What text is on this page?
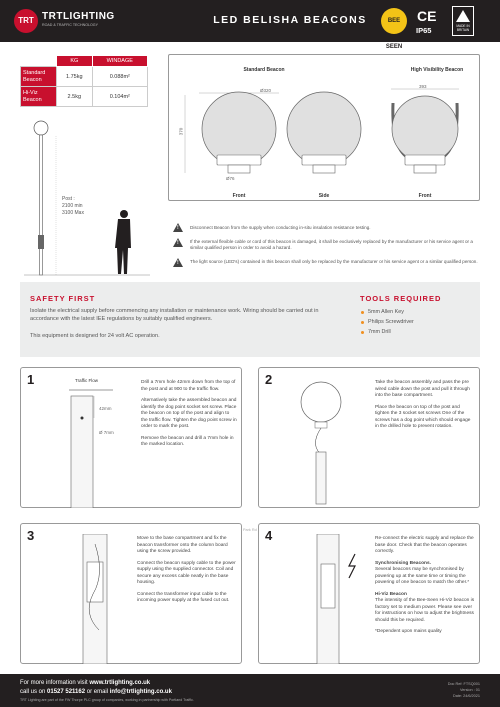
TRT TRTLIGHTING
ROAD & TRAFFIC TECHNOLOGY	LED BELISHA BEACONS	BEE SEEN
CE
IP65	MADE IN BRITAIN
	KG	WINDAGE
Standard Beacon	1.75kg	0.088m²
Hi-Viz Beacon	2.5kg	0.104m²
Post :
2100 min
3100 Max
Standard Beacon	High Visibility Beacon
Ø320
370
393
Ø76
Front	Side	Front
!
Disconnect Beacon from the supply when conducting in-situ insulation resistance testing.
!
If the external flexible cable or cord of this beacon is damaged, it shall be exclusively replaced by the manufacturer or his service agent or a similar qualified person in order to avoid a hazard.
!
The light source (LED's) contained in this beacon shall only be replaced by the manufacturer or his service agent or a similar qualified person.
SAFETY FIRST
Isolate the electrical supply before commencing any installation or maintenance work. Wiring should be carried out in accordance with the latest IEE regulations by suitably qualified engineers.
This equipment is designed for 24 volt AC operation.
TOOLS REQUIRED
5mm Allen Key
Philips Screwdriver
7mm Drill
1	Traffic Flow
42mm
Ø 7mm

Drill a 7mm hole 42mm down from the top of the post and at 900 to the traffic flow.

Alternatively take the assembled beacon and identify the dog point socket set screw. Place the beacon on top of the post and align to the traffic flow. Tighten the dog point screw in order to mark the post.

Remove the beacon and drill a 7mm hole in the marked location.

2	Take the beacon assembly and pass the pre wired cable down the post and pull it through into the base compartment.

Place the beacon on top of the post and tighten the 3 socket set screws One of the screws has a dog point which should engage in the drilled hole to prevent rotation.

3	Move to the base compartment and fix the beacon transformer onto the column board using the screw provided.

Connect the beacon supply cable to the power supply using the supplied connector. Coil and secure any excess cable neatly in the base housing.

Connect the transformer input cable to the incoming power supply at the fused cut out.

Park Rd 4	Re-connect the electric supply and replace the base door. Check that the beacon operates correctly.

Synchronising Beacons.

Several beacons may be synchronised by powering up at the same time or timing the powering of one beacon to match the other.*

Hi-Viz Beacon

The intensity of the Bee-Seen Hi-Viz beacon is factory set to medium power. Please see over for instructions on how to adjust the brightness should this be required.

*Dependent upon mains quality

For more information visit www.trtlighting.co.uk
call us on 01527 521162 or email info@trtlighting.co.uk
TRT Lighting are part of the FW Thorpe PLC group of companies, working in partnership with Portland Traffic.
Doc Ref: FTSQ001
Version : 01
Date: 24/6/2021
